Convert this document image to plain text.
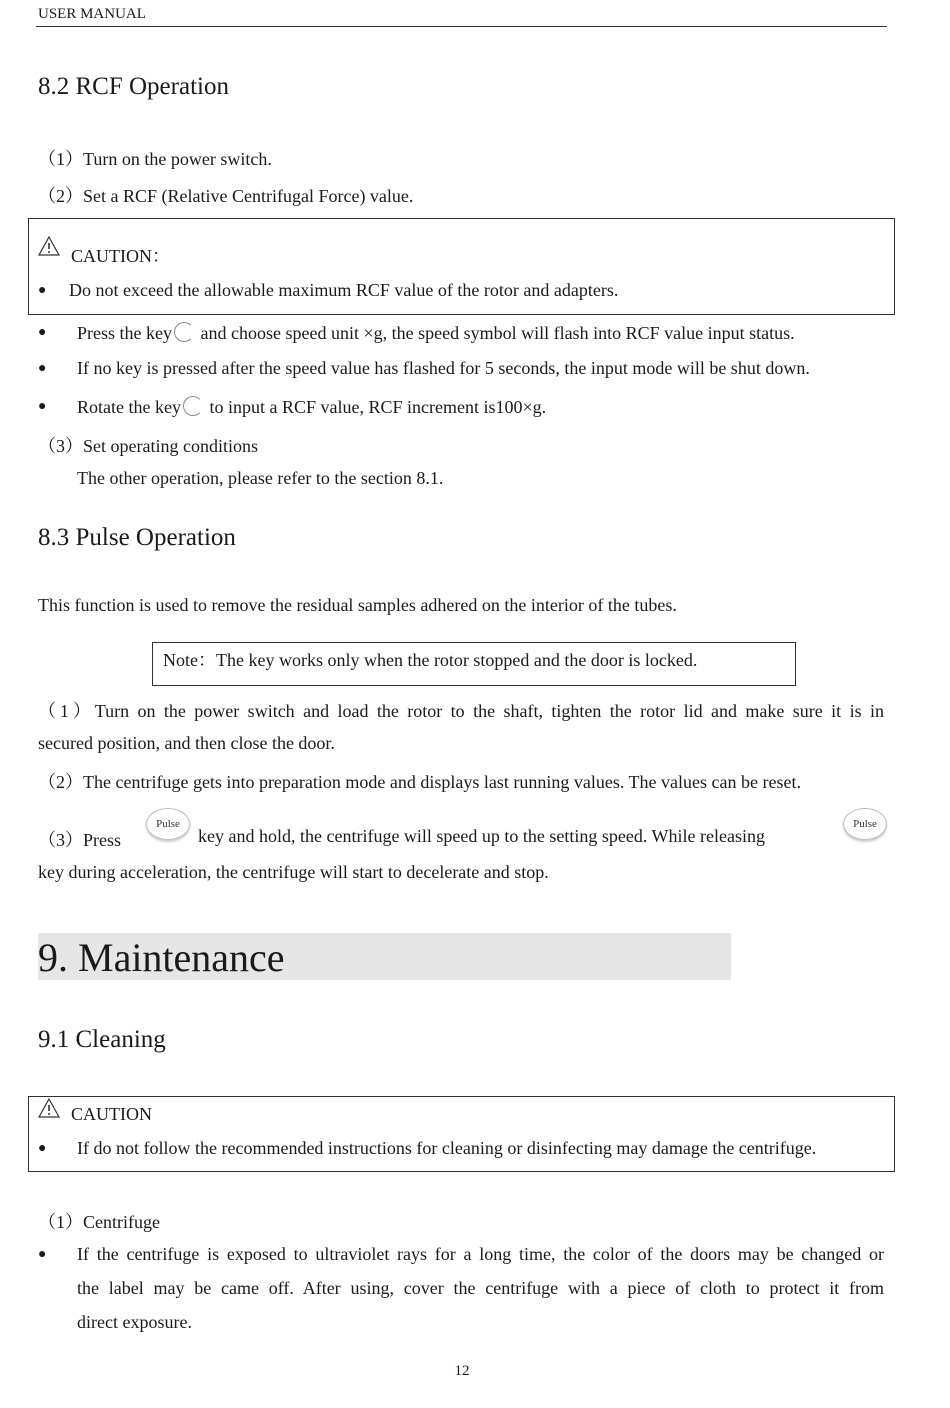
USER MANUAL
8.2 RCF Operation
（1）Turn on the power switch.
（2）Set a RCF (Relative Centrifugal Force) value.
CAUTION：
● Do not exceed the allowable maximum RCF value of the rotor and adapters.
● Press the key and choose speed unit ×g, the speed symbol will flash into RCF value input status.
● If no key is pressed after the speed value has flashed for 5 seconds, the input mode will be shut down.
● Rotate the key to input a RCF value, RCF increment is100×g.
（3）Set operating conditions
The other operation, please refer to the section 8.1.
8.3 Pulse Operation
This function is used to remove the residual samples adhered on the interior of the tubes.
Note：The key works only when the rotor stopped and the door is locked.
（1）Turn on the power switch and load the rotor to the shaft, tighten the rotor lid and make sure it is in
secured position, and then close the door.
（2）The centrifuge gets into preparation mode and displays last running values. The values can be reset.
（3）Press
Pulse
key and hold, the centrifuge will speed up to the setting speed. While releasing
Pulse
key during acceleration, the centrifuge will start to decelerate and stop.
9. Maintenance
9.1 Cleaning
CAUTION
● If do not follow the recommended instructions for cleaning or disinfecting may damage the centrifuge.
（1）Centrifuge
● If the centrifuge is exposed to ultraviolet rays for a long time, the color of the doors may be changed or
the label may be came off. After using, cover the centrifuge with a piece of cloth to protect it from
direct exposure.
12
